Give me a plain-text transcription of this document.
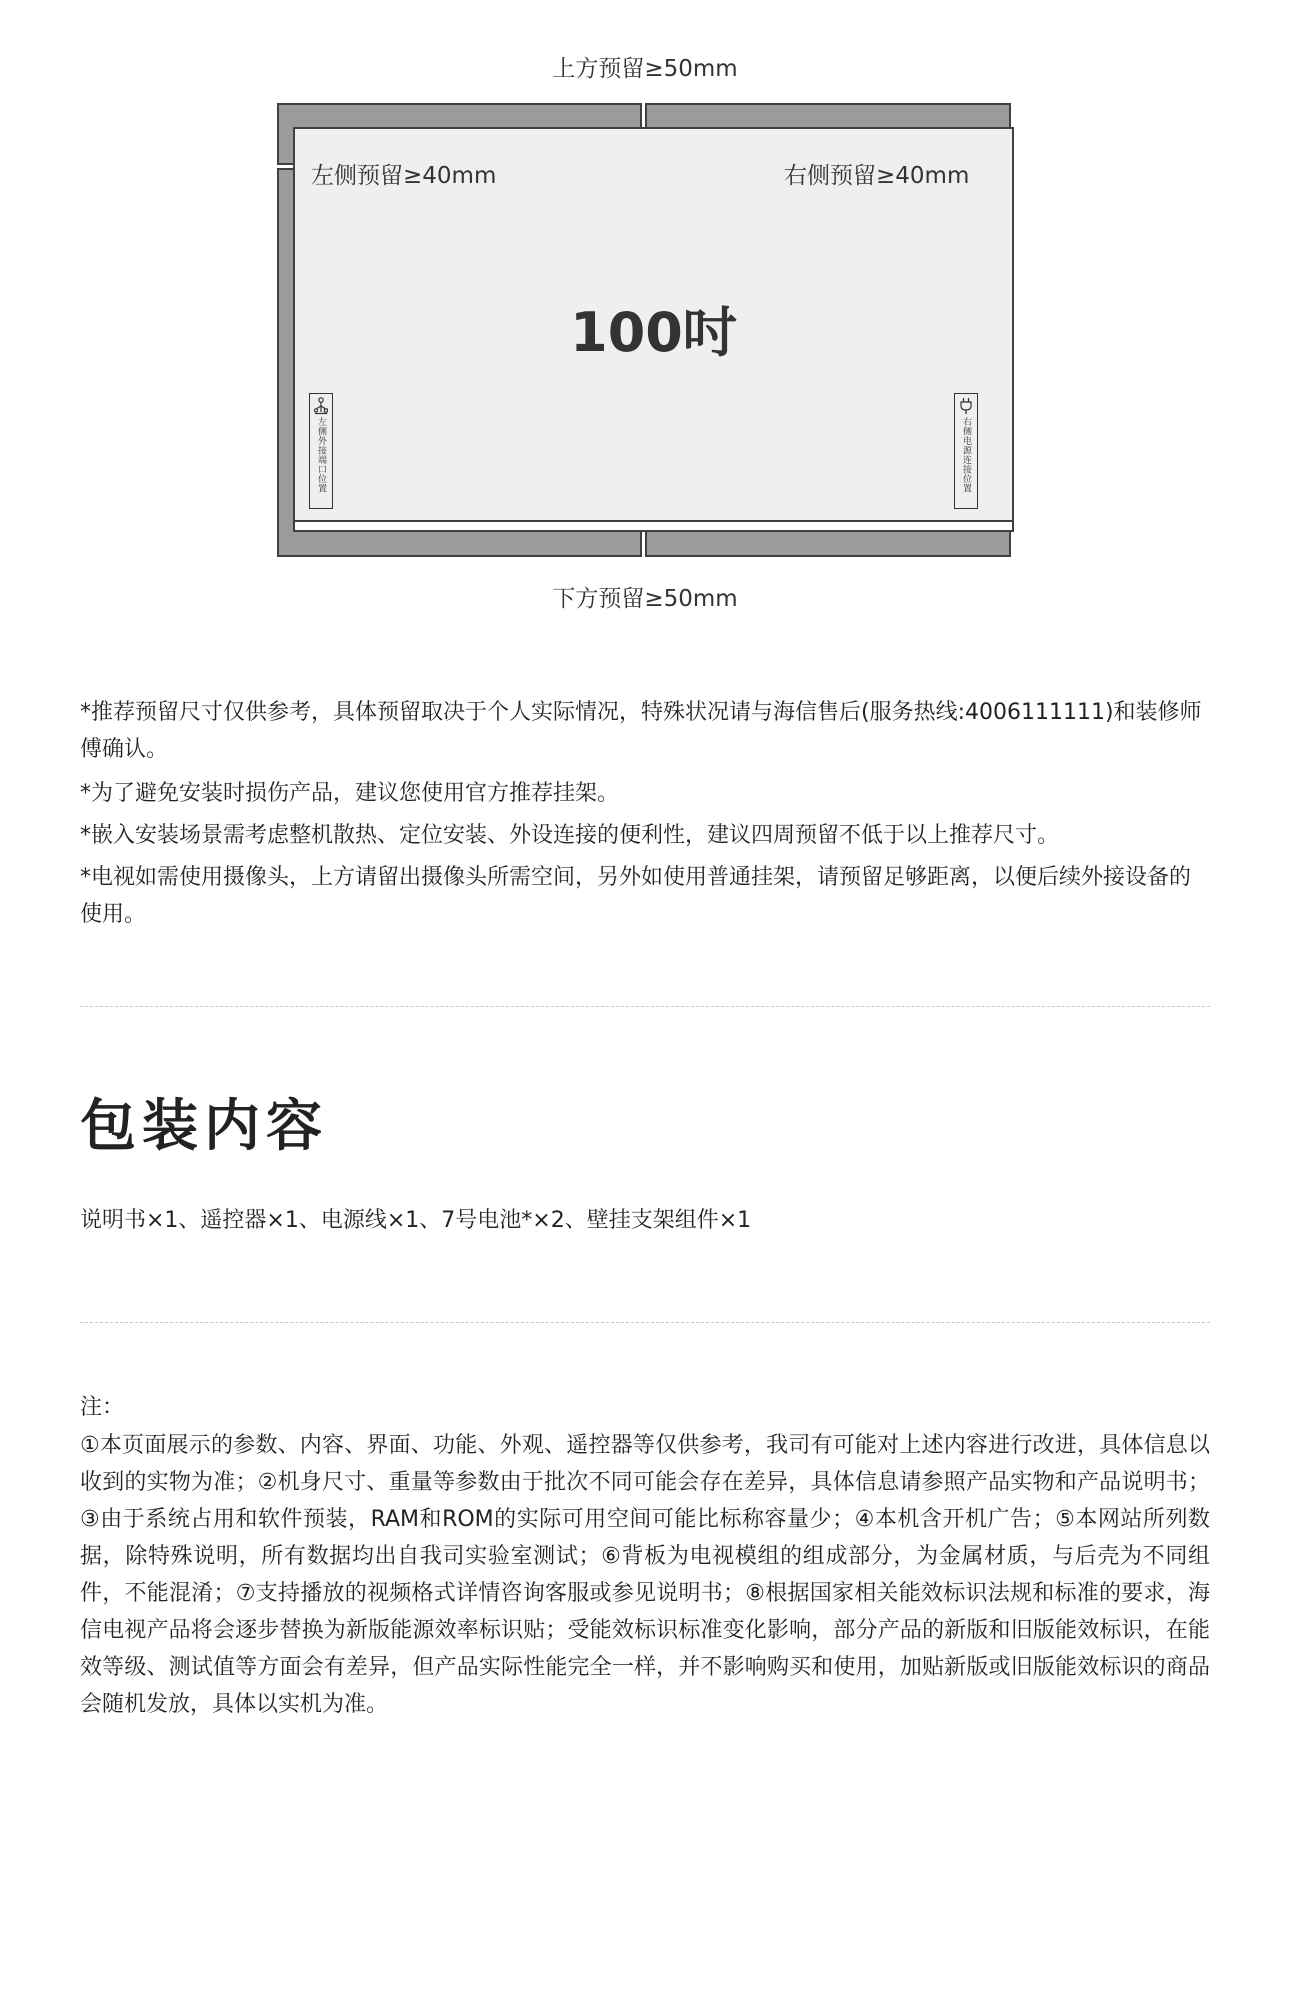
上方预留≥50mm
左侧预留≥40mm	右侧预留≥40mm
100吋
左侧外接端口位置	右侧电源连接位置
下方预留≥50mm
*推荐预留尺寸仅供参考，具体预留取决于个人实际情况，特殊状况请与海信售后(服务热线:4006111111)和装修师傅确认。
*为了避免安装时损伤产品，建议您使用官方推荐挂架。
*嵌入安装场景需考虑整机散热、定位安装、外设连接的便利性，建议四周预留不低于以上推荐尺寸。
*电视如需使用摄像头，上方请留出摄像头所需空间，另外如使用普通挂架，请预留足够距离，以便后续外接设备的使用。
包装内容
说明书×1、遥控器×1、电源线×1、7号电池*×2、壁挂支架组件×1
注：
①本页面展示的参数、内容、界面、功能、外观、遥控器等仅供参考，我司有可能对上述内容进行改进，具体信息以收到的实物为准；②机身尺寸、重量等参数由于批次不同可能会存在差异，具体信息请参照产品实物和产品说明书；③由于系统占用和软件预装，RAM和ROM的实际可用空间可能比标称容量少；④本机含开机广告；⑤本网站所列数据，除特殊说明，所有数据均出自我司实验室测试；⑥背板为电视模组的组成部分，为金属材质，与后壳为不同组件，不能混淆；⑦支持播放的视频格式详情咨询客服或参见说明书；⑧根据国家相关能效标识法规和标准的要求，海信电视产品将会逐步替换为新版能源效率标识贴；受能效标识标准变化影响，部分产品的新版和旧版能效标识，在能效等级、测试值等方面会有差异，但产品实际性能完全一样，并不影响购买和使用，加贴新版或旧版能效标识的商品会随机发放，具体以实机为准。
